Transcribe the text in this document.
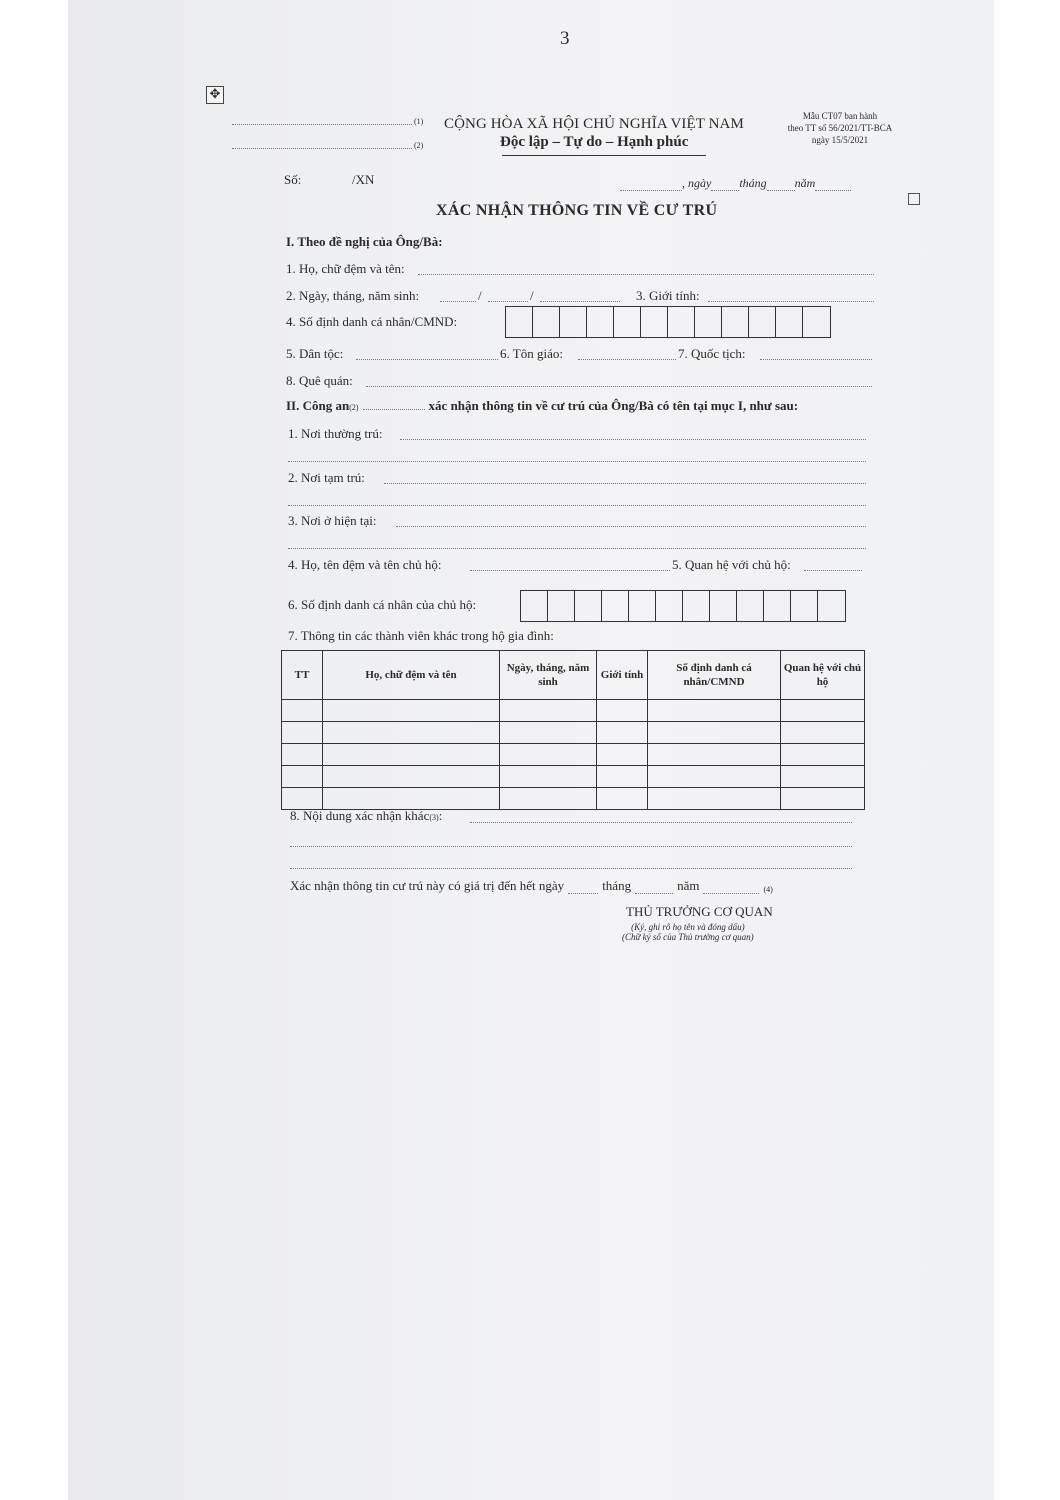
3
✥
(1)
(2)
CỘNG HÒA XÃ HỘI CHỦ NGHĨA VIỆT NAM
Độc lập – Tự do – Hạnh phúc
Mẫu CT07 ban hành
theo TT số 56/2021/TT-BCA
ngày 15/5/2021
Số:	/XN	, ngày tháng năm
XÁC NHẬN THÔNG TIN VỀ CƯ TRÚ
I. Theo đề nghị của Ông/Bà:
1. Họ, chữ đệm và tên:
2. Ngày, tháng, năm sinh:	/	/	3. Giới tính:
4. Số định danh cá nhân/CMND:
5. Dân tộc:	6. Tôn giáo:	7. Quốc tịch:
8. Quê quán:
II. Công an (2)	xác nhận thông tin về cư trú của Ông/Bà có tên tại mục I, như sau:
1. Nơi thường trú:
2. Nơi tạm trú:
3. Nơi ở hiện tại:
4. Họ, tên đệm và tên chủ hộ:	5. Quan hệ với chủ hộ:
6. Số định danh cá nhân của chủ hộ:
7. Thông tin các thành viên khác trong hộ gia đình:
TT	Họ, chữ đệm và tên	Ngày, tháng, năm sinh	Giới tính	Số định danh cá nhân/CMND	Quan hệ với chủ hộ

8. Nội dung xác nhận khác (3) :
Xác nhận thông tin cư trú này có giá trị đến hết ngày	tháng	năm	$^{(4)}$
THỦ TRƯỞNG CƠ QUAN
(Ký, ghi rõ họ tên và đóng dấu)
(Chữ ký số của Thủ trưởng cơ quan)
